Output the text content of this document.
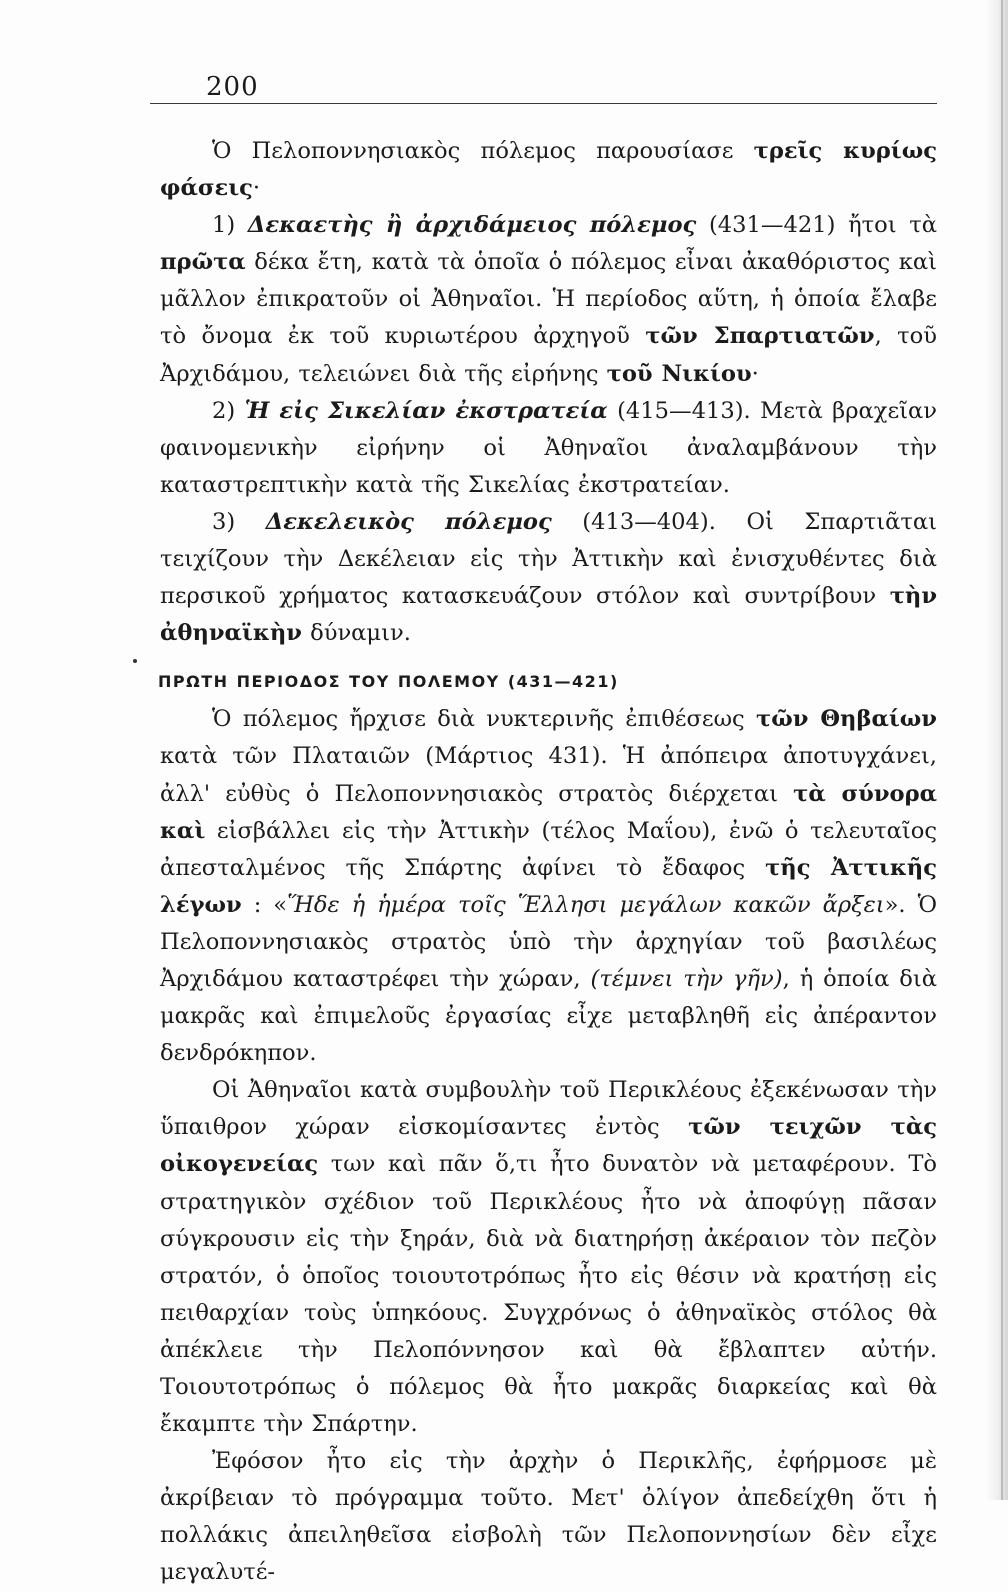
200

Ὁ Πελοποννησιακὸς πόλεμος παρουσίασε τρεῖς κυρίως φάσεις·

1) Δεκαετὴς ἢ ἀρχιδάμειος πόλεμος (431—421) ἤτοι τὰ πρῶτα δέκα ἔτη, κατὰ τὰ ὁποῖα ὁ πόλεμος εἶναι ἀκαθόριστος καὶ μᾶλλον ἐπικρατοῦν οἱ Ἀθηναῖοι. Ἡ περίοδος αὕτη, ἡ ὁποία ἔλαβε τὸ ὄνομα ἐκ τοῦ κυριωτέρου ἀρχηγοῦ τῶν Σπαρτιατῶν, τοῦ Ἀρχιδάμου, τελειώνει διὰ τῆς εἰρήνης τοῦ Νικίου·

2) Ἡ εἰς Σικελίαν ἐκστρατεία (415—413). Μετὰ βραχεῖαν φαινομενικὴν εἰρήνην οἱ Ἀθηναῖοι ἀναλαμβάνουν τὴν καταστρεπτικὴν κατὰ τῆς Σικελίας ἐκστρατείαν.

3) Δεκελεικὸς πόλεμος (413—404). Οἱ Σπαρτιᾶται τειχίζουν τὴν Δεκέλειαν εἰς τὴν Ἀττικὴν καὶ ἐνισχυθέντες διὰ περσικοῦ χρήματος κατασκευάζουν στόλον καὶ συντρίβουν τὴν ἀθηναϊκὴν δύναμιν.

ΠΡΩΤΗ ΠΕΡΙΟΔΟΣ ΤΟΥ ΠΟΛΕΜΟΥ (431—421)

Ὁ πόλεμος ἤρχισε διὰ νυκτερινῆς ἐπιθέσεως τῶν Θηβαίων κατὰ τῶν Πλαταιῶν (Μάρτιος 431). Ἡ ἀπόπειρα ἀποτυγχάνει, ἀλλ' εὐθὺς ὁ Πελοποννησιακὸς στρατὸς διέρχεται τὰ σύνορα καὶ εἰσβάλλει εἰς τὴν Ἀττικὴν (τέλος Μαΐου), ἐνῶ ὁ τελευταῖος ἀπεσταλμένος τῆς Σπάρτης ἀφίνει τὸ ἔδαφος τῆς Ἀττικῆς λέγων : «Ἥδε ἡ ἡμέρα τοῖς Ἕλλησι μεγάλων κακῶν ἄρξει». Ὁ Πελοποννησιακὸς στρατὸς ὑπὸ τὴν ἀρχηγίαν τοῦ βασιλέως Ἀρχιδάμου καταστρέφει τὴν χώραν, (τέμνει τὴν γῆν), ἡ ὁποία διὰ μακρᾶς καὶ ἐπιμελοῦς ἐργασίας εἶχε μεταβληθῆ εἰς ἀπέραντον δενδρόκηπον.

Οἱ Ἀθηναῖοι κατὰ συμβουλὴν τοῦ Περικλέους ἐξεκένωσαν τὴν ὕπαιθρον χώραν εἰσκομίσαντες ἐντὸς τῶν τειχῶν τὰς οἰκογενείας των καὶ πᾶν ὅ,τι ἦτο δυνατὸν νὰ μεταφέρουν. Τὸ στρατηγικὸν σχέδιον τοῦ Περικλέους ἦτο νὰ ἀποφύγῃ πᾶσαν σύγκρουσιν εἰς τὴν ξηράν, διὰ νὰ διατηρήσῃ ἀκέραιον τὸν πεζὸν στρατόν, ὁ ὁποῖος τοιουτοτρόπως ἦτο εἰς θέσιν νὰ κρατήσῃ εἰς πειθαρχίαν τοὺς ὑπηκόους. Συγχρόνως ὁ ἀθηναϊκὸς στόλος θὰ ἀπέκλειε τὴν Πελοπόννησον καὶ θὰ ἔβλαπτεν αὐτήν. Τοιουτοτρόπως ὁ πόλεμος θὰ ἦτο μακρᾶς διαρκείας καὶ θὰ ἔκαμπτε τὴν Σπάρτην.

Ἐφόσον ἦτο εἰς τὴν ἀρχὴν ὁ Περικλῆς, ἐφήρμοσε μὲ ἀκρίβειαν τὸ πρόγραμμα τοῦτο. Μετ' ὀλίγον ἀπεδείχθη ὅτι ἡ πολλάκις ἀπειληθεῖσα εἰσβολὴ τῶν Πελοποννησίων δὲν εἶχε μεγαλυτέ-
